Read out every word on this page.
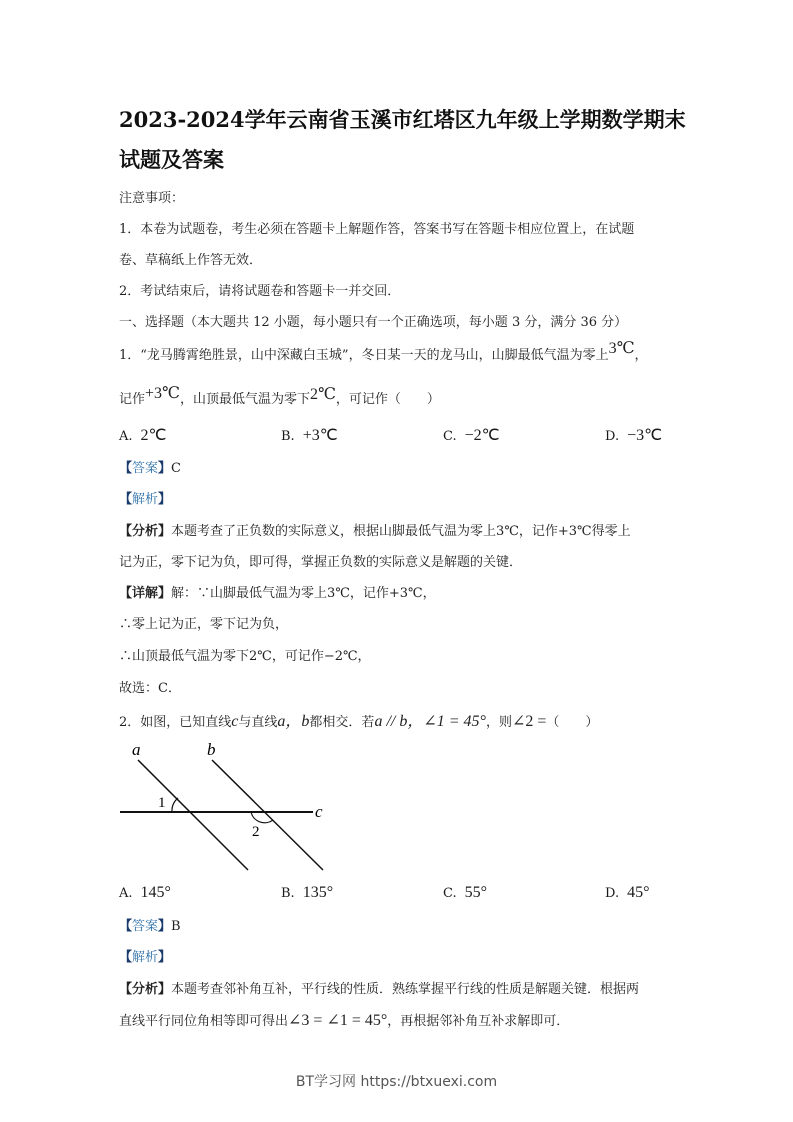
2023-2024学年云南省玉溪市红塔区九年级上学期数学期末
试题及答案
注意事项：
1．本卷为试题卷，考生必须在答题卡上解题作答，答案书写在答题卡相应位置上，在试题
卷、草稿纸上作答无效．
2．考试结束后，请将试题卷和答题卡一并交回．
一、选择题（本大题共 12 小题，每小题只有一个正确选项，每小题 3 分，满分 36 分）
1．“龙马腾霄绝胜景，山中深藏白玉城”，冬日某一天的龙马山，山脚最低气温为零上3℃，
记作+3℃，山顶最低气温为零下2℃，可记作（　　）
A. 2℃	B. +3℃	C. −2℃	D. −3℃
【答案】C
【解析】
【分析】本题考查了正负数的实际意义，根据山脚最低气温为零上3℃，记作+3℃得零上
记为正，零下记为负，即可得，掌握正负数的实际意义是解题的关键．
【详解】解：∵山脚最低气温为零上3℃，记作+3℃，
∴零上记为正，零下记为负，
∴山顶最低气温为零下2℃，可记作−2℃，
故选：C．
2．如图，已知直线c与直线a，b都相交．若a // b，∠1 = 45°，则∠2 =（　　）
a	b
c
1
2
A. 145°	B. 135°	C. 55°	D. 45°
【答案】B
【解析】
【分析】本题考查邻补角互补，平行线的性质．熟练掌握平行线的性质是解题关键．根据两
直线平行同位角相等即可得出∠3 = ∠1 = 45°，再根据邻补角互补求解即可．
BT学习网 https://btxuexi.com
